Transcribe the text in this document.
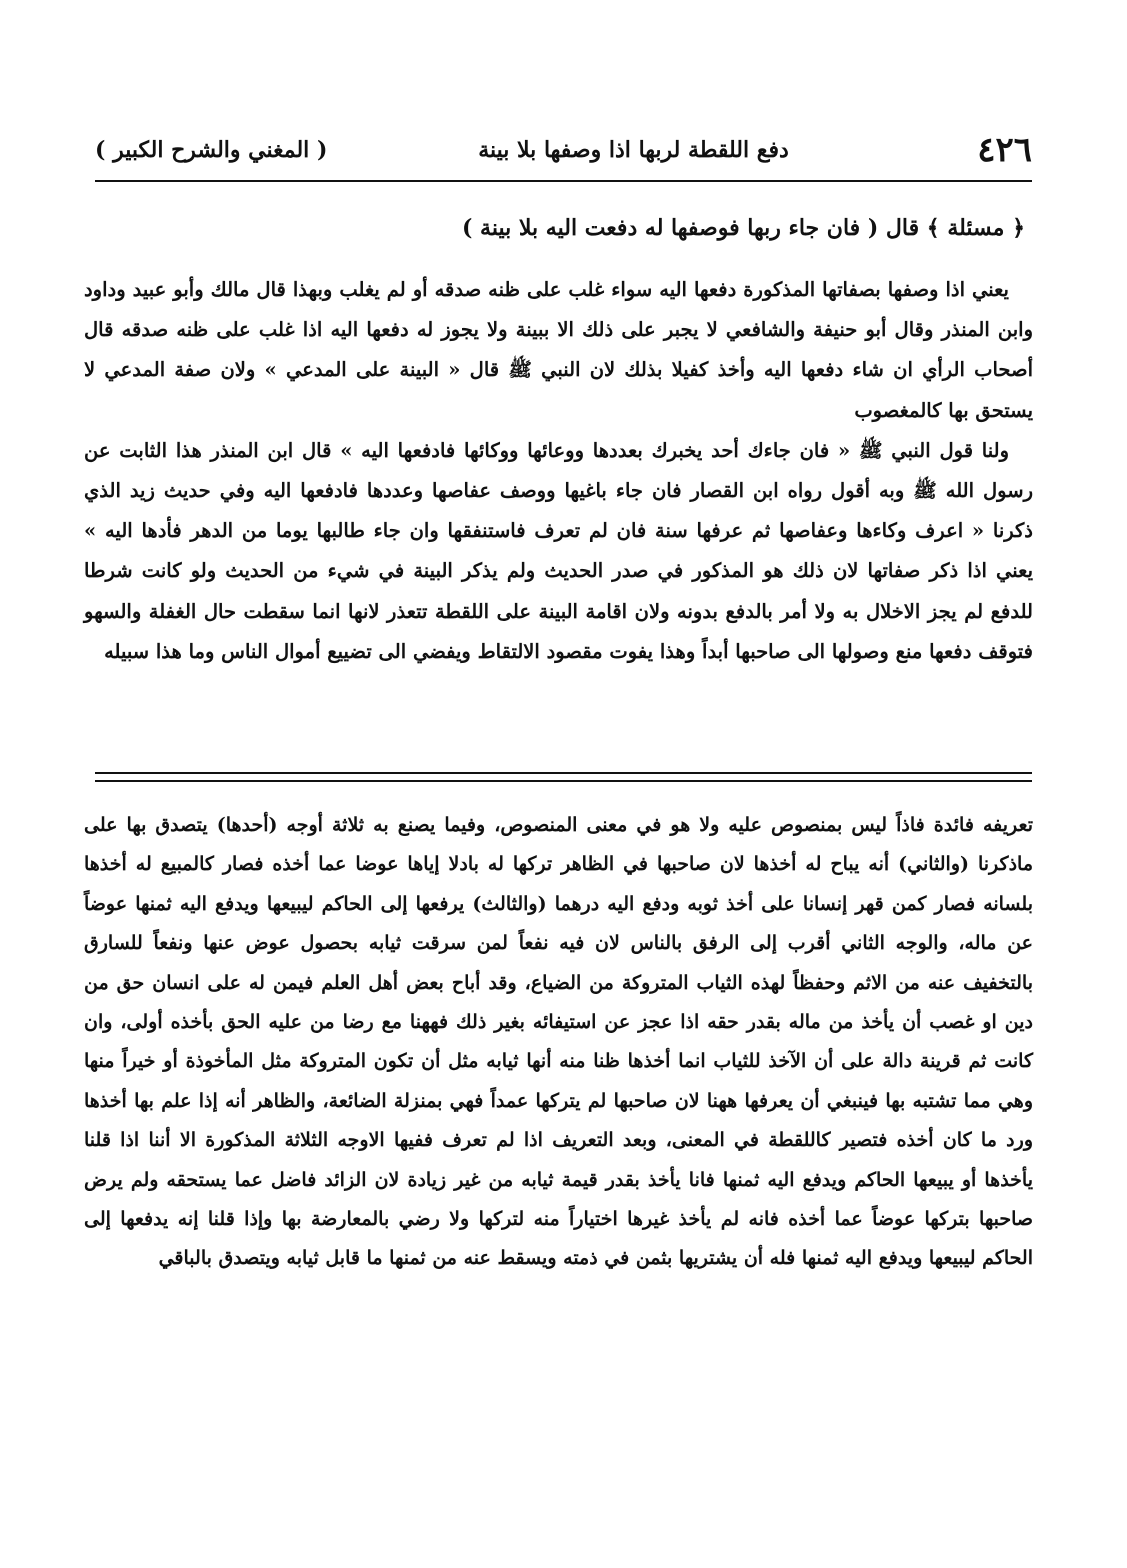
٤٢٦
دفع اللقطة لربها اذا وصفها بلا بينة
( المغني والشرح الكبير )
﴿ مسئلة ﴾ قال ( فان جاء ربها فوصفها له دفعت اليه بلا بينة )

يعني اذا وصفها بصفاتها المذكورة دفعها اليه سواء غلب على ظنه صدقه أو لم يغلب وبهذا قال مالك وأبو عبيد وداود وابن المنذر وقال أبو حنيفة والشافعي لا يجبر على ذلك الا ببينة ولا يجوز له دفعها اليه اذا غلب على ظنه صدقه قال أصحاب الرأي ان شاء دفعها اليه وأخذ كفيلا بذلك لان النبي ﷺ قال « البينة على المدعي » ولان صفة المدعي لا يستحق بها كالمغصوب

ولنا قول النبي ﷺ « فان جاءك أحد يخبرك بعددها ووعائها ووكائها فادفعها اليه » قال ابن المنذر هذا الثابت عن رسول الله ﷺ وبه أقول رواه ابن القصار فان جاء باغيها ووصف عفاصها وعددها فادفعها اليه وفي حديث زيد الذي ذكرنا « اعرف وكاءها وعفاصها ثم عرفها سنة فان لم تعرف فاستنفقها وان جاء طالبها يوما من الدهر فأدها اليه » يعني اذا ذكر صفاتها لان ذلك هو المذكور في صدر الحديث ولم يذكر البينة في شيء من الحديث ولو كانت شرطا للدفع لم يجز الاخلال به ولا أمر بالدفع بدونه ولان اقامة البينة على اللقطة تتعذر لانها انما سقطت حال الغفلة والسهو فتوقف دفعها منع وصولها الى صاحبها أبداً وهذا يفوت مقصود الالتقاط ويفضي الى تضييع أموال الناس وما هذا سبيله

تعريفه فائدة فاذاً ليس بمنصوص عليه ولا هو في معنى المنصوص، وفيما يصنع به ثلاثة أوجه (أحدها) يتصدق بها على ماذكرنا (والثاني) أنه يباح له أخذها لان صاحبها في الظاهر تركها له بادلا إياها عوضا عما أخذه فصار كالمبيع له أخذها بلسانه فصار كمن قهر إنسانا على أخذ ثوبه ودفع اليه درهما (والثالث) يرفعها إلى الحاكم ليبيعها ويدفع اليه ثمنها عوضاً عن ماله، والوجه الثاني أقرب إلى الرفق بالناس لان فيه نفعاً لمن سرقت ثيابه بحصول عوض عنها ونفعاً للسارق بالتخفيف عنه من الاثم وحفظاً لهذه الثياب المتروكة من الضياع، وقد أباح بعض أهل العلم فيمن له على انسان حق من دين او غصب أن يأخذ من ماله بقدر حقه اذا عجز عن استيفائه بغير ذلك فههنا مع رضا من عليه الحق بأخذه أولى، وان كانت ثم قرينة دالة على أن الآخذ للثياب انما أخذها ظنا منه أنها ثيابه مثل أن تكون المتروكة مثل المأخوذة أو خيراً منها وهي مما تشتبه بها فينبغي أن يعرفها ههنا لان صاحبها لم يتركها عمداً فهي بمنزلة الضائعة، والظاهر أنه إذا علم بها أخذها ورد ما كان أخذه فتصير كاللقطة في المعنى، وبعد التعريف اذا لم تعرف ففيها الاوجه الثلاثة المذكورة الا أننا اذا قلنا يأخذها أو يبيعها الحاكم ويدفع اليه ثمنها فانا يأخذ بقدر قيمة ثيابه من غير زيادة لان الزائد فاضل عما يستحقه ولم يرض صاحبها بتركها عوضاً عما أخذه فانه لم يأخذ غيرها اختياراً منه لتركها ولا رضي بالمعارضة بها وإذا قلنا إنه يدفعها إلى الحاكم ليبيعها ويدفع اليه ثمنها فله أن يشتريها بثمن في ذمته ويسقط عنه من ثمنها ما قابل ثيابه ويتصدق بالباقي
